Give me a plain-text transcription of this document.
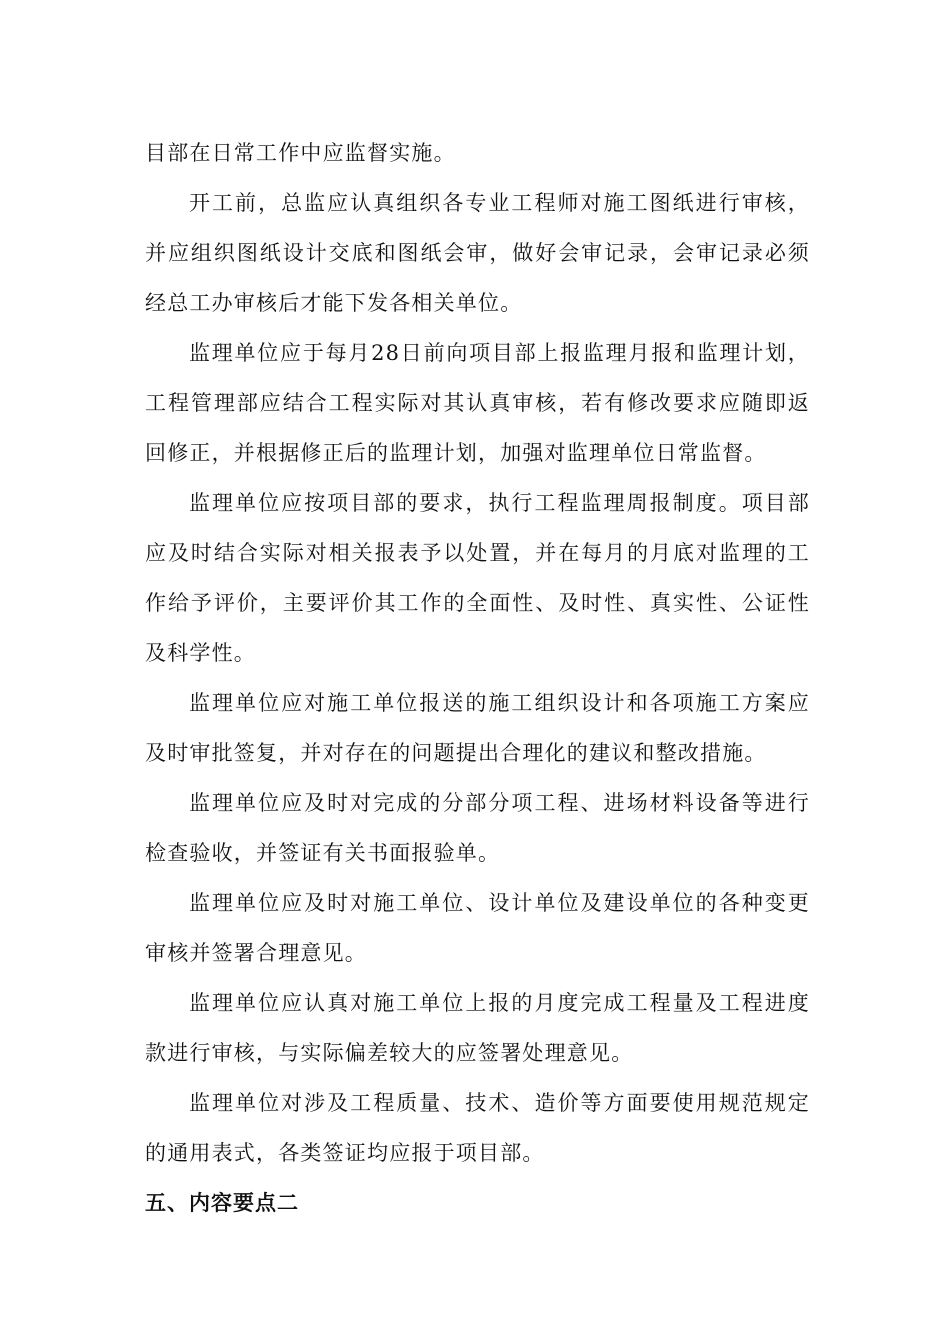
目部在日常工作中应监督实施。

开工前，总监应认真组织各专业工程师对施工图纸进行审核，并应组织图纸设计交底和图纸会审，做好会审记录，会审记录必须经总工办审核后才能下发各相关单位。

监理单位应于每月28日前向项目部上报监理月报和监理计划，工程管理部应结合工程实际对其认真审核，若有修改要求应随即返回修正，并根据修正后的监理计划，加强对监理单位日常监督。

监理单位应按项目部的要求，执行工程监理周报制度。项目部应及时结合实际对相关报表予以处置，并在每月的月底对监理的工作给予评价，主要评价其工作的全面性、及时性、真实性、公证性及科学性。

监理单位应对施工单位报送的施工组织设计和各项施工方案应及时审批签复，并对存在的问题提出合理化的建议和整改措施。

监理单位应及时对完成的分部分项工程、进场材料设备等进行检查验收，并签证有关书面报验单。

监理单位应及时对施工单位、设计单位及建设单位的各种变更审核并签署合理意见。

监理单位应认真对施工单位上报的月度完成工程量及工程进度款进行审核，与实际偏差较大的应签署处理意见。

监理单位对涉及工程质量、技术、造价等方面要使用规范规定的通用表式，各类签证均应报于项目部。

五、内容要点二
